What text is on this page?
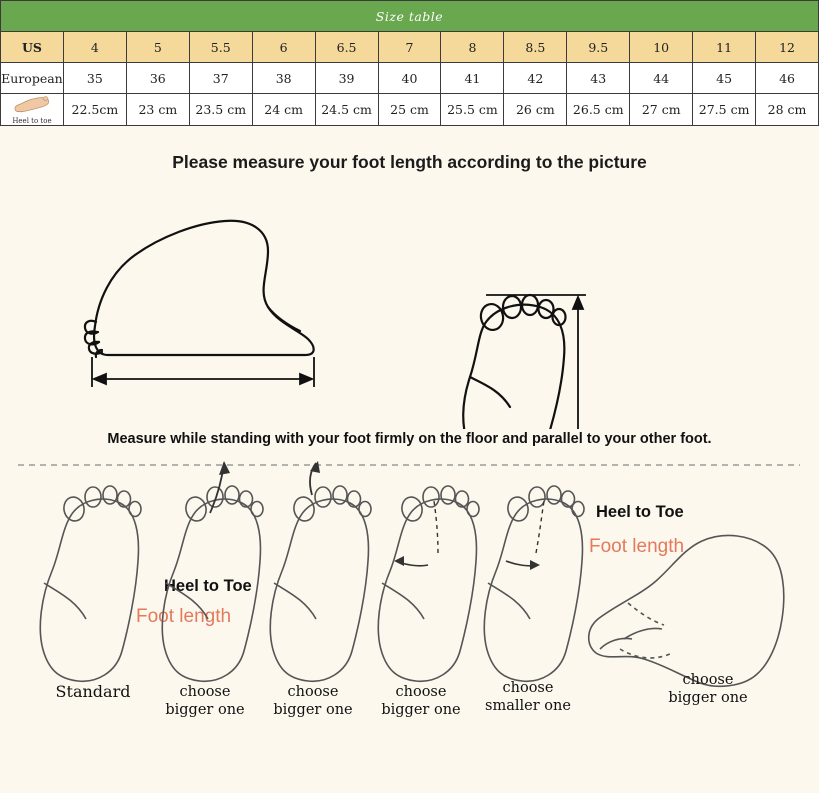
Size table												
US	4	5	5.5	6	6.5	7	8	8.5	9.5	10	11	12
European	35	36	37	38	39	40	41	42	43	44	45	46

Heel to toe	22.5cm	23 cm	23.5 cm	24 cm	24.5 cm	25 cm	25.5 cm	26 cm	26.5 cm	27 cm	27.5 cm	28 cm
Please measure your foot length according to the picture
Heel to Toe
Foot length
Heel to Toe
Foot length
Measure while standing with your foot firmly on the floor and parallel to your other foot.
Standard	choose
bigger one
choose
bigger one
choose
bigger one
choose
smaller one
choose
bigger one
